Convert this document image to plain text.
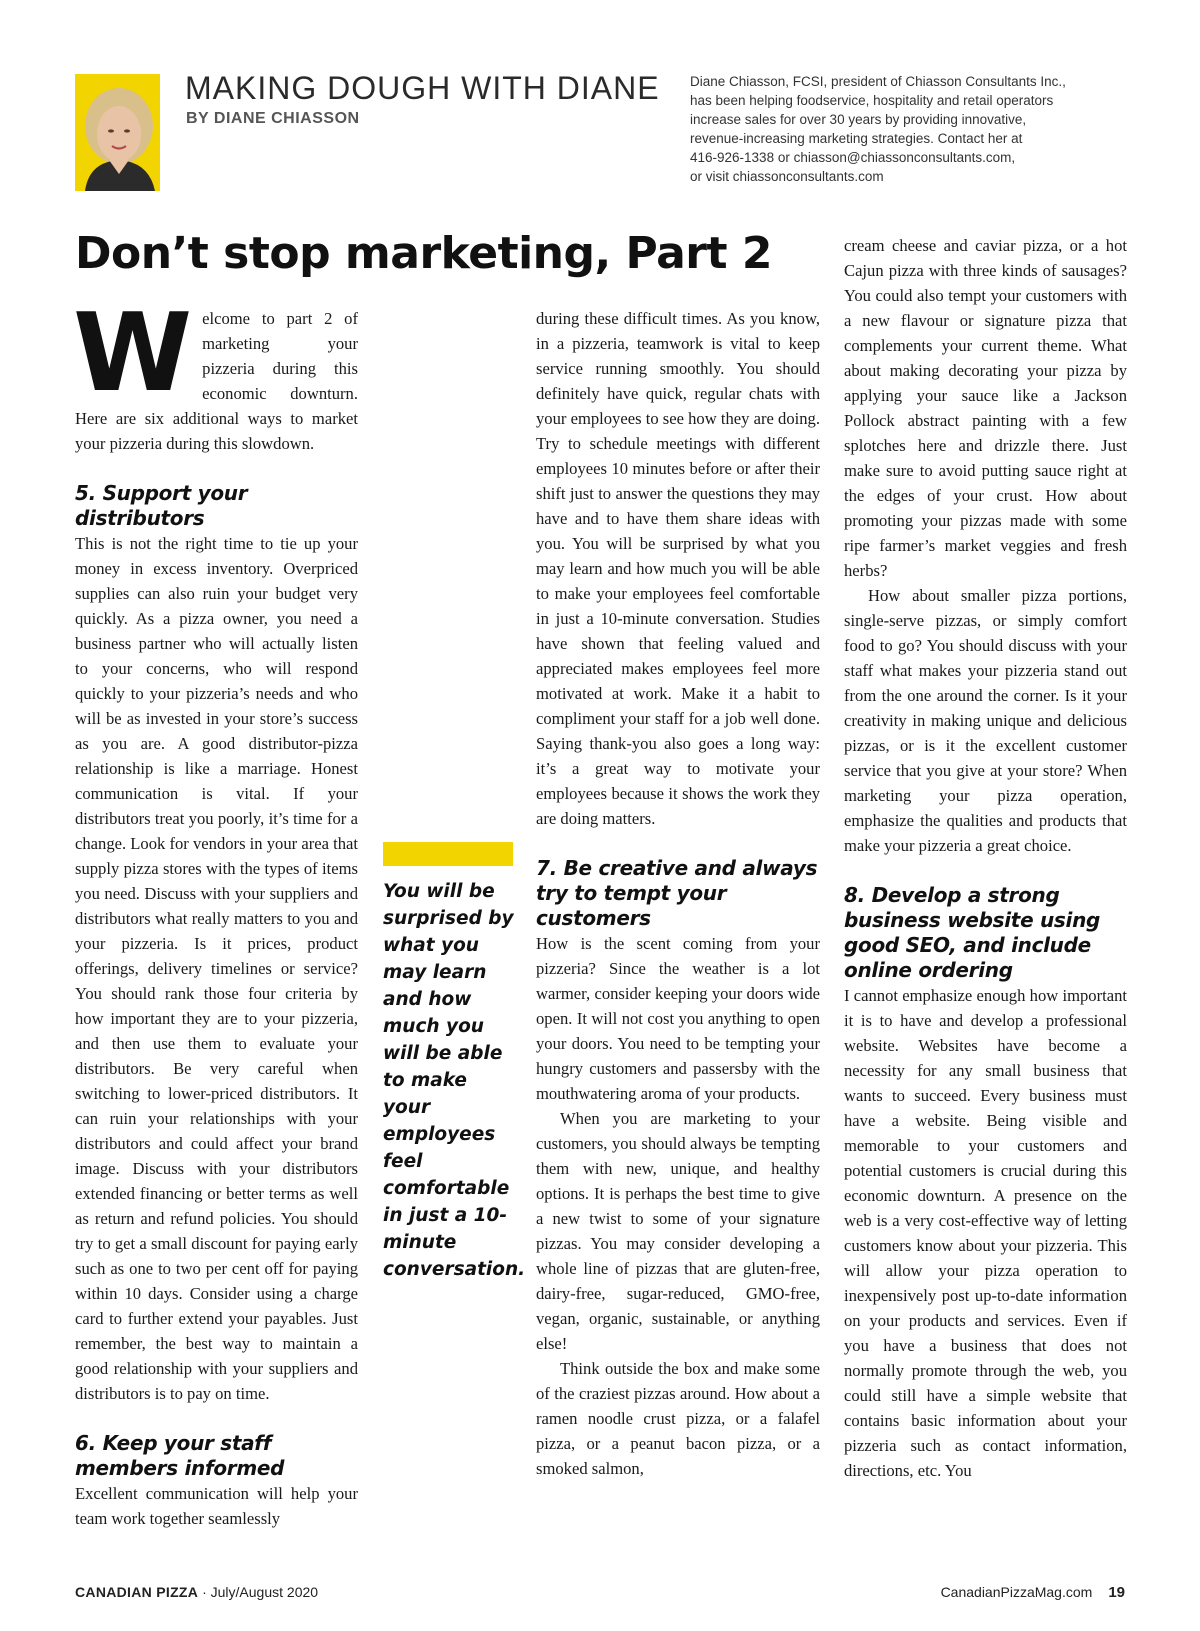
MAKING DOUGH WITH DIANE
BY DIANE CHIASSON
Diane Chiasson, FCSI, president of Chiasson Consultants Inc.,
has been helping foodservice, hospitality and retail operators
increase sales for over 30 years by providing innovative,
revenue-increasing marketing strategies. Contact her at
416-926-1338 or chiasson@chiassonconsultants.com,
or visit chiassonconsultants.com
Don’t stop marketing, Part 2
W elcome to part 2 of marketing your pizzeria during this economic downturn. Here are six additional ways to market your pizzeria during this slowdown.

5. Support your distributors

This is not the right time to tie up your money in excess inventory. Overpriced supplies can also ruin your budget very quickly. As a pizza owner, you need a business partner who will actually listen to your concerns, who will respond quickly to your pizzeria’s needs and who will be as invested in your store’s success as you are. A good distributor-pizza relationship is like a marriage. Honest communication is vital. If your distributors treat you poorly, it’s time for a change. Look for vendors in your area that supply pizza stores with the types of items you need. Discuss with your suppliers and distributors what really matters to you and your pizzeria. Is it prices, product offerings, delivery timelines or service? You should rank those four criteria by how important they are to your pizzeria, and then use them to evaluate your distributors. Be very careful when switching to lower-priced distributors. It can ruin your relationships with your distributors and could affect your brand image. Discuss with your distributors extended financing or better terms as well as return and refund policies. You should try to get a small discount for paying early such as one to two per cent off for paying within 10 days. Consider using a charge card to further extend your payables. Just remember, the best way to maintain a good relationship with your suppliers and distributors is to pay on time.

6. Keep your staff members informed

Excellent communication will help your team work together seamlessly

You will be surprised by what you may learn and how much you will be able to make your employees feel comfortable in just a 10-minute conversation.

during these difficult times. As you know, in a pizzeria, teamwork is vital to keep service running smoothly. You should definitely have quick, regular chats with your employees to see how they are doing. Try to schedule meetings with different employees 10 minutes before or after their shift just to answer the questions they may have and to have them share ideas with you. You will be surprised by what you may learn and how much you will be able to make your employees feel comfortable in just a 10-minute conversation. Studies have shown that feeling valued and appreciated makes employees feel more motivated at work. Make it a habit to compliment your staff for a job well done. Saying thank-you also goes a long way: it’s a great way to motivate your employees because it shows the work they are doing matters.

7. Be creative and always try to tempt your customers

How is the scent coming from your pizzeria? Since the weather is a lot warmer, consider keeping your doors wide open. It will not cost you anything to open your doors. You need to be tempting your hungry customers and passersby with the mouthwatering aroma of your products.

When you are marketing to your customers, you should always be tempting them with new, unique, and healthy options. It is perhaps the best time to give a new twist to some of your signature pizzas. You may consider developing a whole line of pizzas that are gluten-free, dairy-free, sugar-reduced, GMO-free, vegan, organic, sustainable, or anything else!

Think outside the box and make some of the craziest pizzas around. How about a ramen noodle crust pizza, or a falafel pizza, or a peanut bacon pizza, or a smoked salmon,

cream cheese and caviar pizza, or a hot Cajun pizza with three kinds of sausages? You could also tempt your customers with a new flavour or signature pizza that complements your current theme. What about making decorating your pizza by applying your sauce like a Jackson Pollock abstract painting with a few splotches here and drizzle there. Just make sure to avoid putting sauce right at the edges of your crust. How about promoting your pizzas made with some ripe farmer’s market veggies and fresh herbs?

How about smaller pizza portions, single-serve pizzas, or simply comfort food to go? You should discuss with your staff what makes your pizzeria stand out from the one around the corner. Is it your creativity in making unique and delicious pizzas, or is it the excellent customer service that you give at your store? When marketing your pizza operation, emphasize the qualities and products that make your pizzeria a great choice.

8. Develop a strong business website using good SEO, and include online ordering

I cannot emphasize enough how important it is to have and develop a professional website. Websites have become a necessity for any small business that wants to succeed. Every business must have a website. Being visible and memorable to your customers and potential customers is crucial during this economic downturn. A presence on the web is a very cost-effective way of letting customers know about your pizzeria. This will allow your pizza operation to inexpensively post up-to-date information on your products and services. Even if you have a business that does not normally promote through the web, you could still have a simple website that contains basic information about your pizzeria such as contact information, directions, etc. You

CANADIAN PIZZA · July/August 2020	CanadianPizzaMag.com 19
